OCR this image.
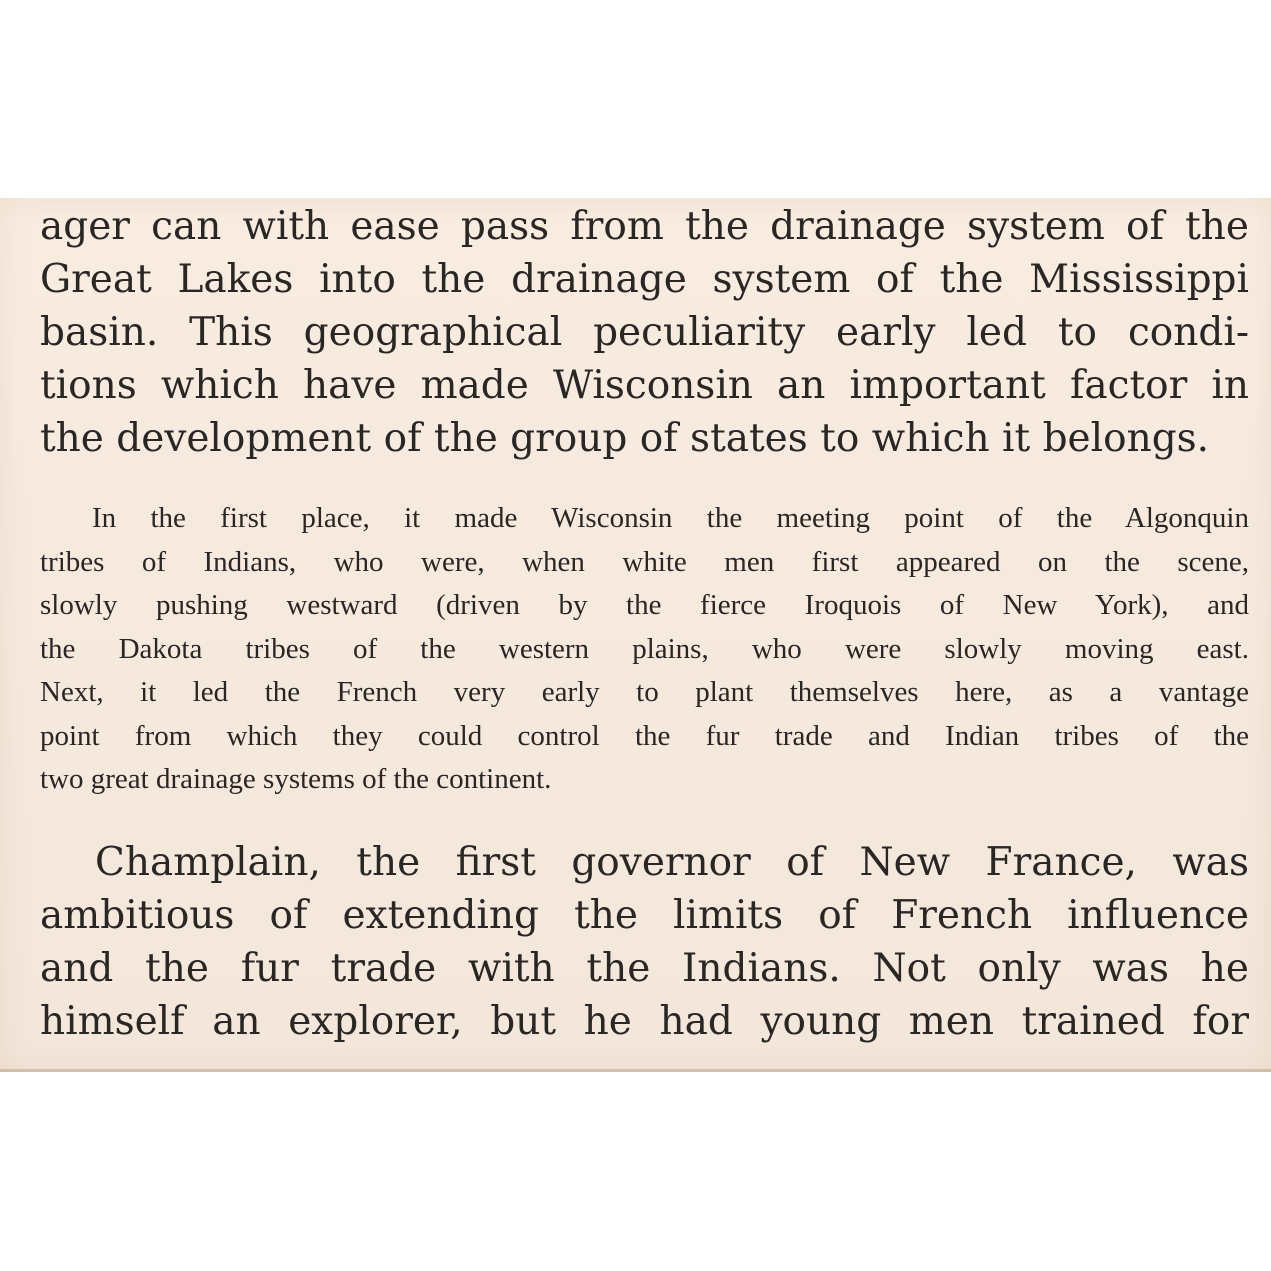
ager can with ease pass from the drainage system of the
Great Lakes into the drainage system of the Mississippi
basin. This geographical peculiarity early led to condi-
tions which have made Wisconsin an important factor in
the development of the group of states to which it belongs.
In the first place, it made Wisconsin the meeting point of the Algonquin
tribes of Indians, who were, when white men first appeared on the scene,
slowly pushing westward (driven by the fierce Iroquois of New York), and
the Dakota tribes of the western plains, who were slowly moving east.
Next, it led the French very early to plant themselves here, as a vantage
point from which they could control the fur trade and Indian tribes of the
two great drainage systems of the continent.
Champlain, the first governor of New France, was
ambitious of extending the limits of French influence
and the fur trade with the Indians. Not only was he
himself an explorer, but he had young men trained for
